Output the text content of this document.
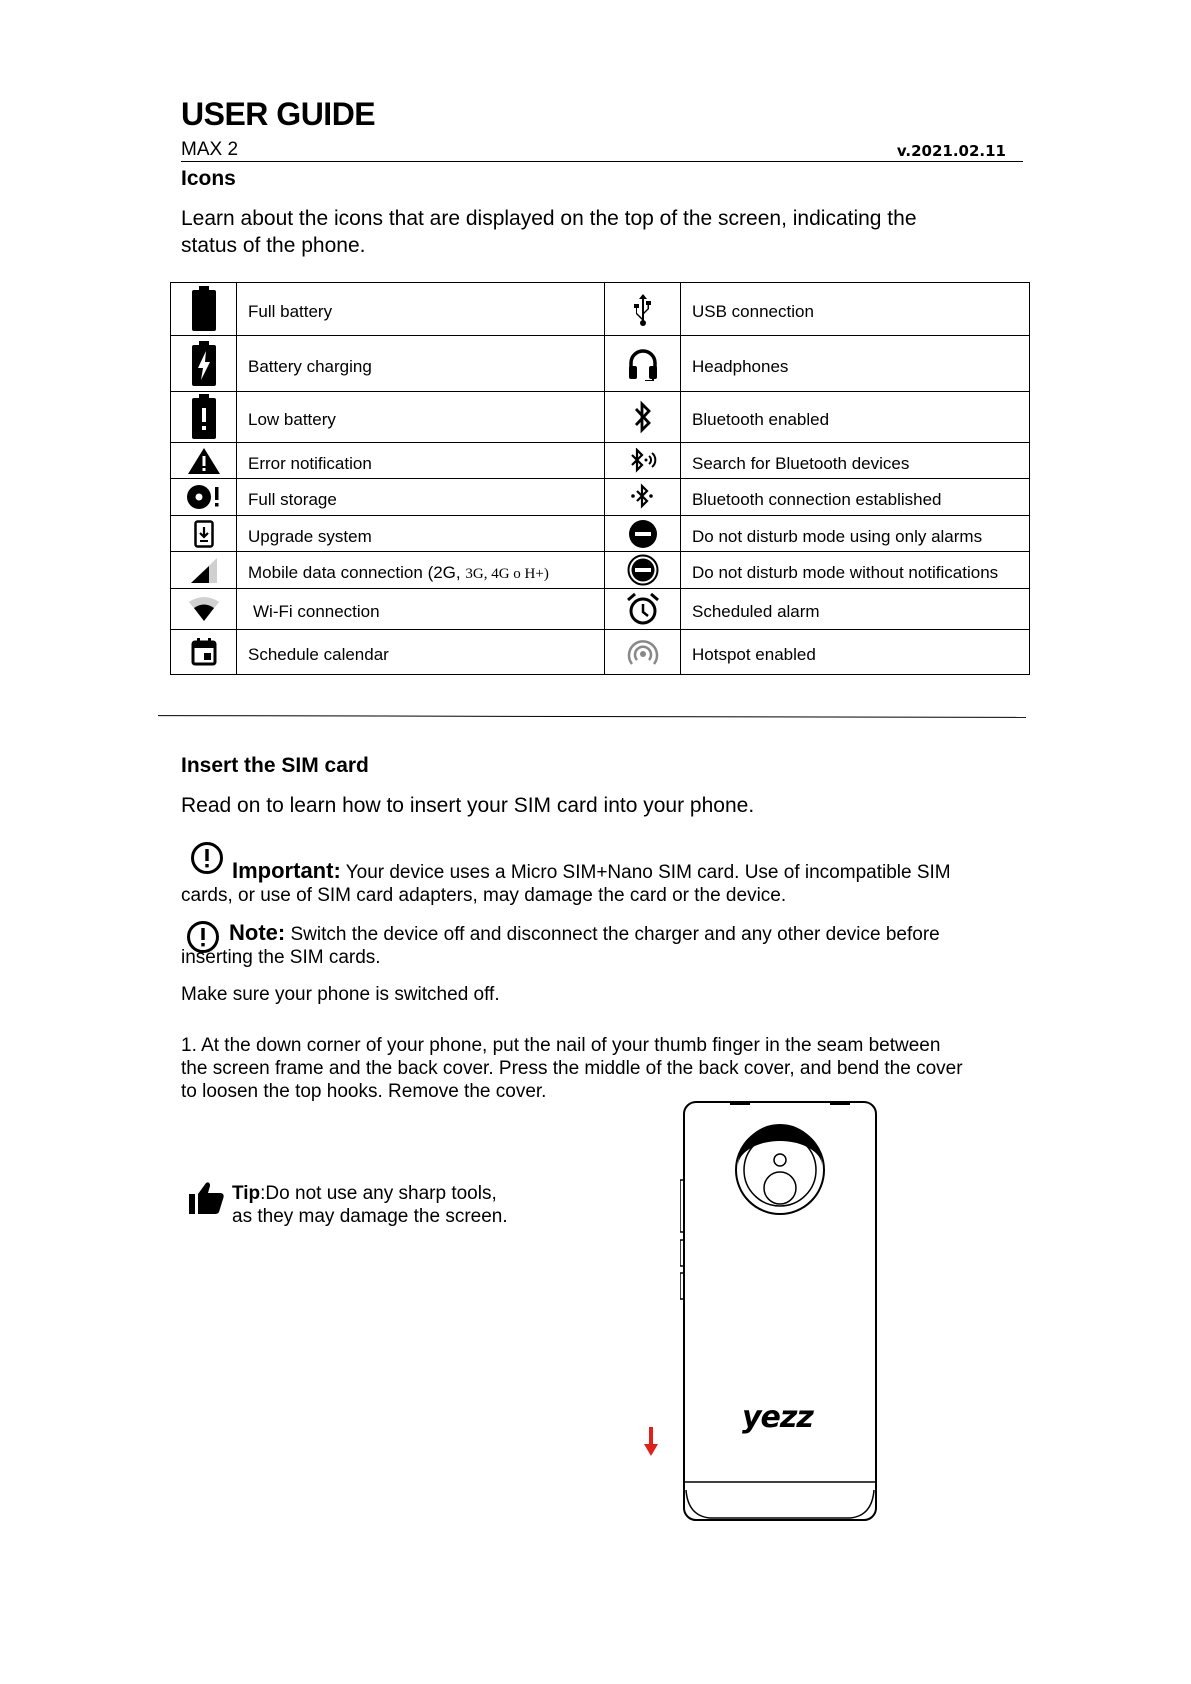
USER GUIDE
MAX 2	v.2021.02.11
Icons
Learn about the icons that are displayed on the top of the screen, indicating the
status of the phone.
	Full battery		USB connection

	Battery charging		Headphones

	Low battery		Bluetooth enabled

	Error notification		Search for Bluetooth devices

	Full storage		Bluetooth connection established

	Upgrade system		Do not disturb mode using only alarms

	Mobile data connection (2G, 3G, 4G o H+)		Do not disturb mode without notifications

	Wi-Fi connection		Scheduled alarm

	Schedule calendar		Hotspot enabled
Insert the SIM card
Read on to learn how to insert your SIM card into your phone.
Important: Your device uses a Micro SIM+Nano SIM card. Use of incompatible SIM
cards, or use of SIM card adapters, may damage the card or the device.
Note: Switch the device off and disconnect the charger and any other device before
inserting the SIM cards.
Make sure your phone is switched off.
1. At the down corner of your phone, put the nail of your thumb finger in the seam between
the screen frame and the back cover. Press the middle of the back cover, and bend the cover
to loosen the top hooks. Remove the cover.
Tip:Do not use any sharp tools,
as they may damage the screen.
yezz
